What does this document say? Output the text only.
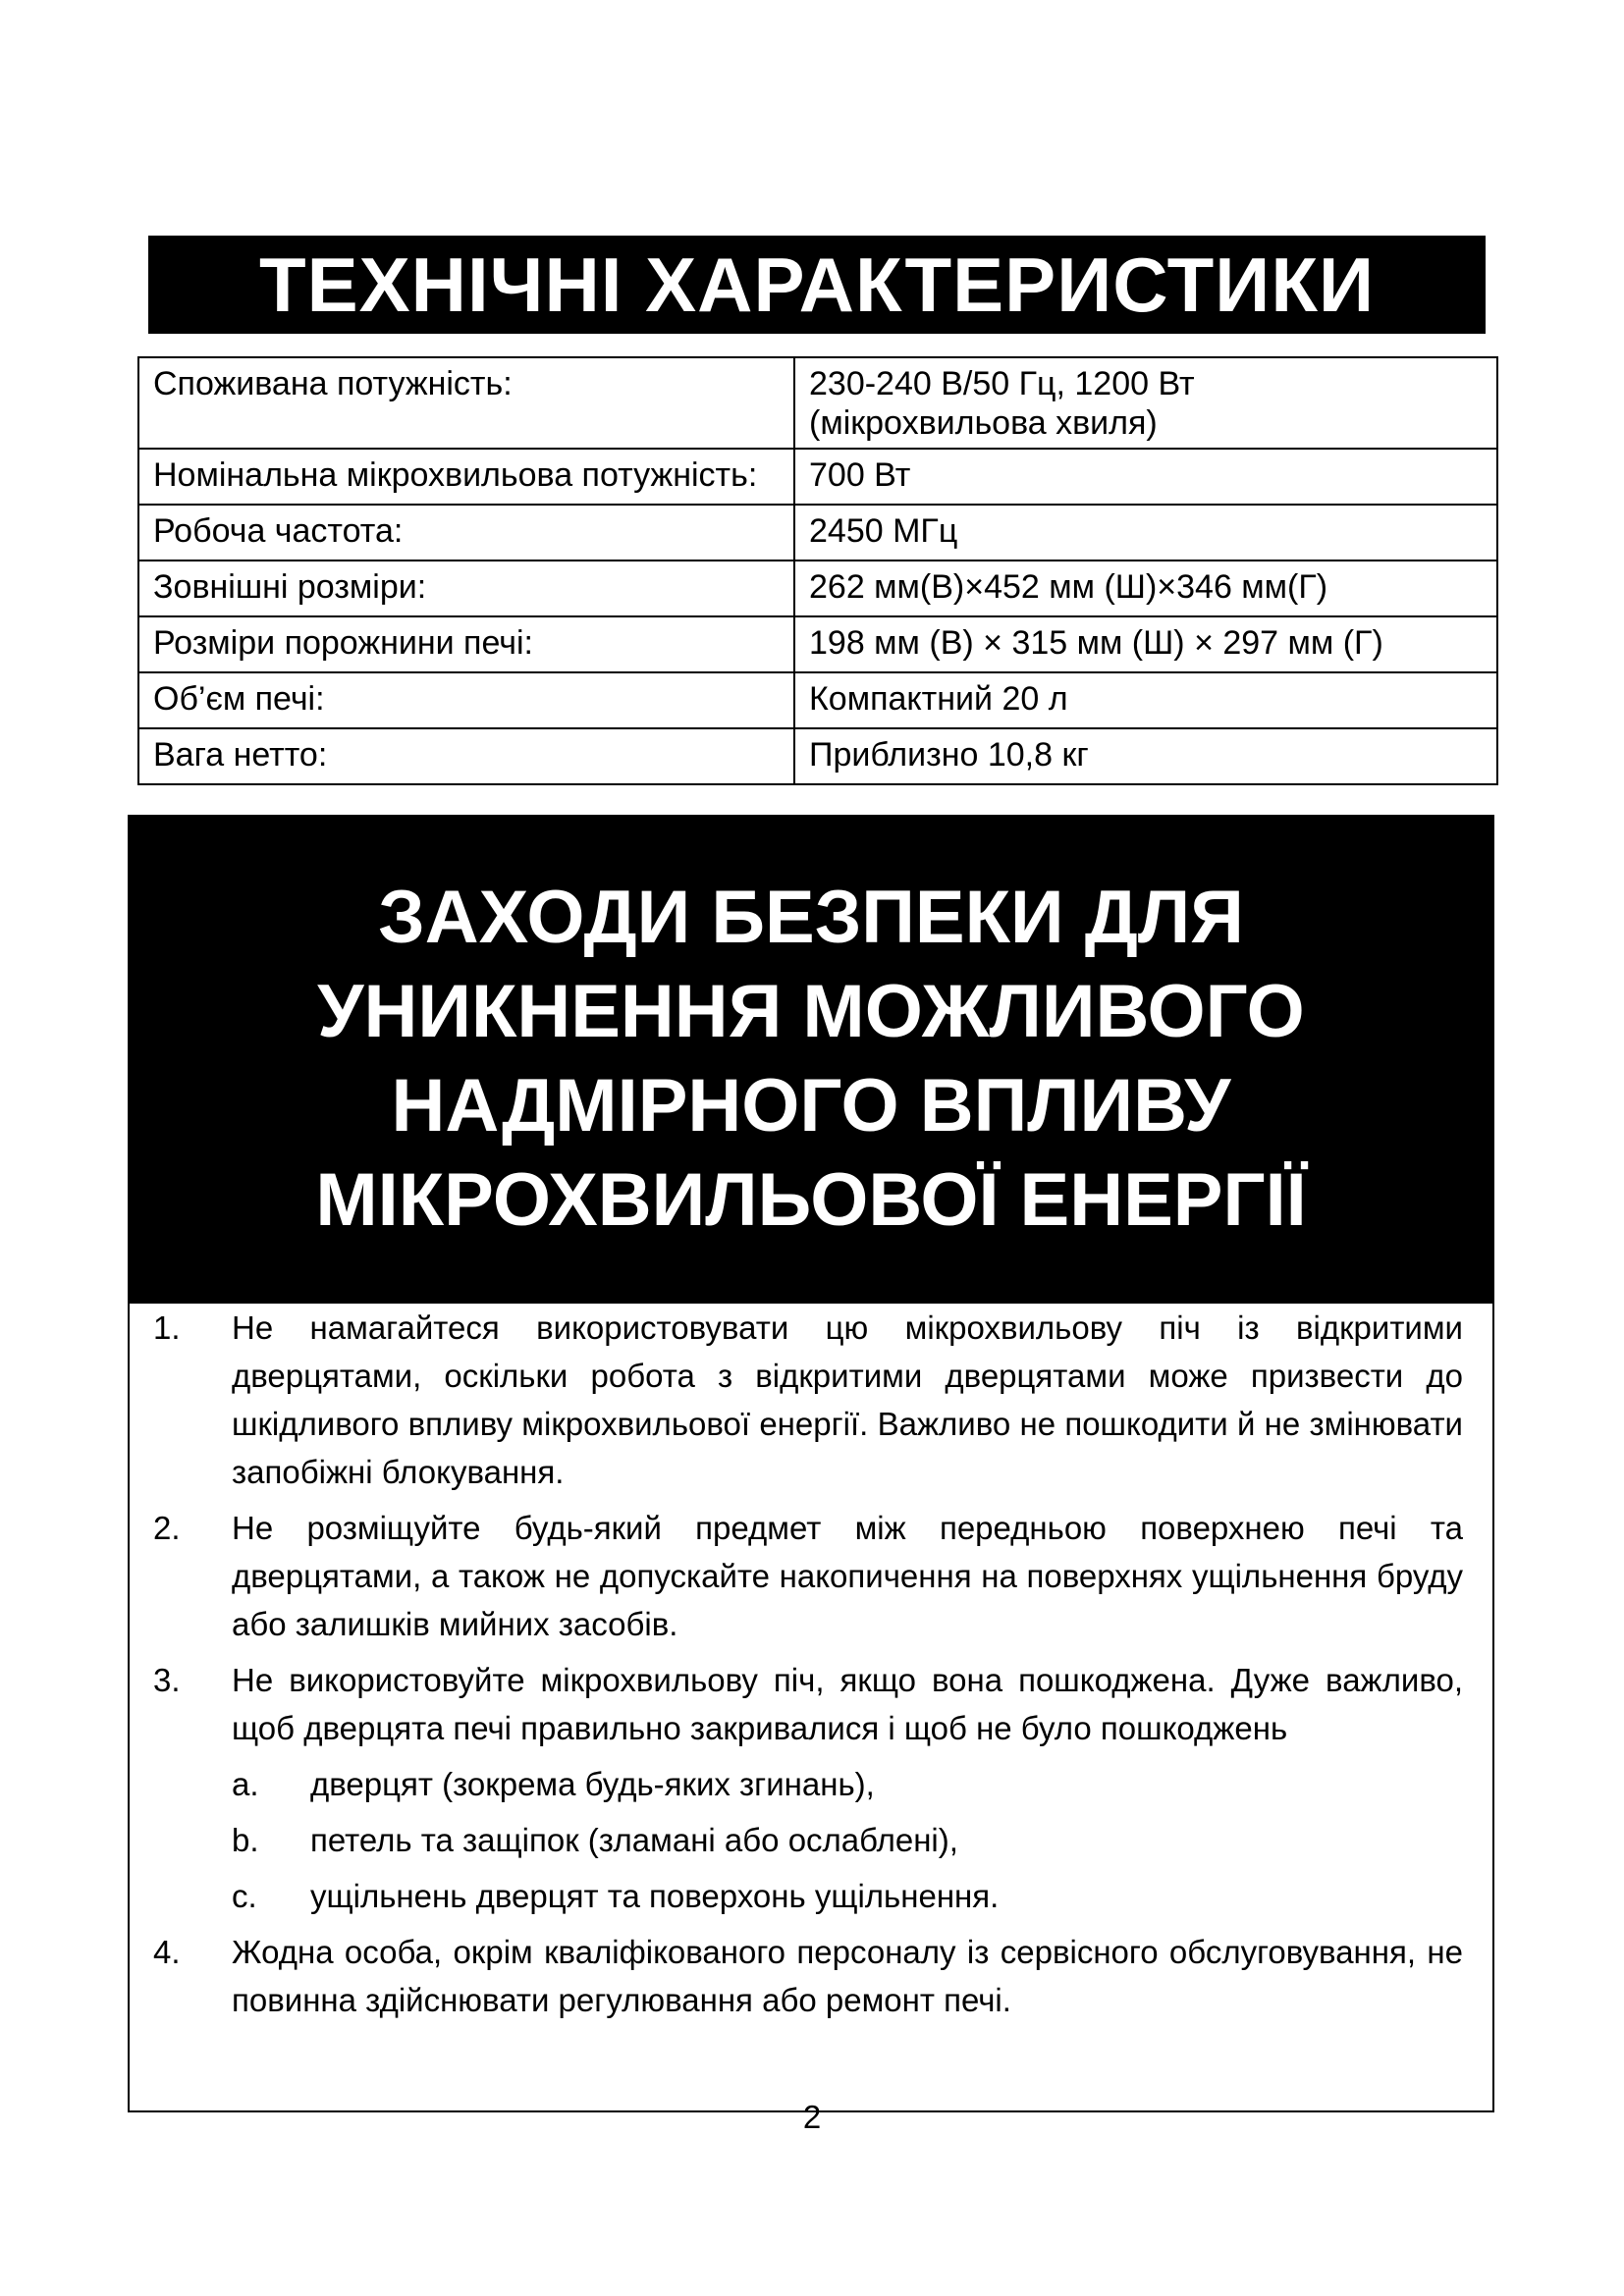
ТЕХНІЧНІ ХАРАКТЕРИСТИКИ
Споживана потужність:	230-240 В/50 Гц, 1200 Вт
(мікрохвильова хвиля)

Номінальна мікрохвильова потужність:	700 Вт
Робоча частота:	2450 МГц
Зовнішні розміри:	262 мм(В)×452 мм (Ш)×346 мм(Г)
Розміри порожнини печі:	198 мм (В) × 315 мм (Ш) × 297 мм (Г)
Об’єм печі:	Компактний 20 л
Вага нетто:	Приблизно 10,8 кг
ЗАХОДИ БЕЗПЕКИ ДЛЯ
УНИКНЕННЯ МОЖЛИВОГО
НАДМІРНОГО ВПЛИВУ
МІКРОХВИЛЬОВОЇ ЕНЕРГІЇ
1. Не намагайтеся використовувати цю мікрохвильову піч із відкритими дверцятами, оскільки робота з відкритими дверцятами може призвести до шкідливого впливу мікрохвильової енергії. Важливо не пошкодити й не змінювати запобіжні блокування.
2. Не розміщуйте будь-який предмет між передньою поверхнею печі та дверцятами, а також не допускайте накопичення на поверхнях ущільнення бруду або залишків мийних засобів.
3. Не використовуйте мікрохвильову піч, якщо вона пошкоджена. Дуже важливо, щоб дверцята печі правильно закривалися і щоб не було пошкоджень
a. дверцят (зокрема будь-яких згинань),
b. петель та защіпок (зламані або ослаблені),
c. ущільнень дверцят та поверхонь ущільнення.
4. Жодна особа, окрім кваліфікованого персоналу із сервісного обслуговування, не повинна здійснювати регулювання або ремонт печі.
2
